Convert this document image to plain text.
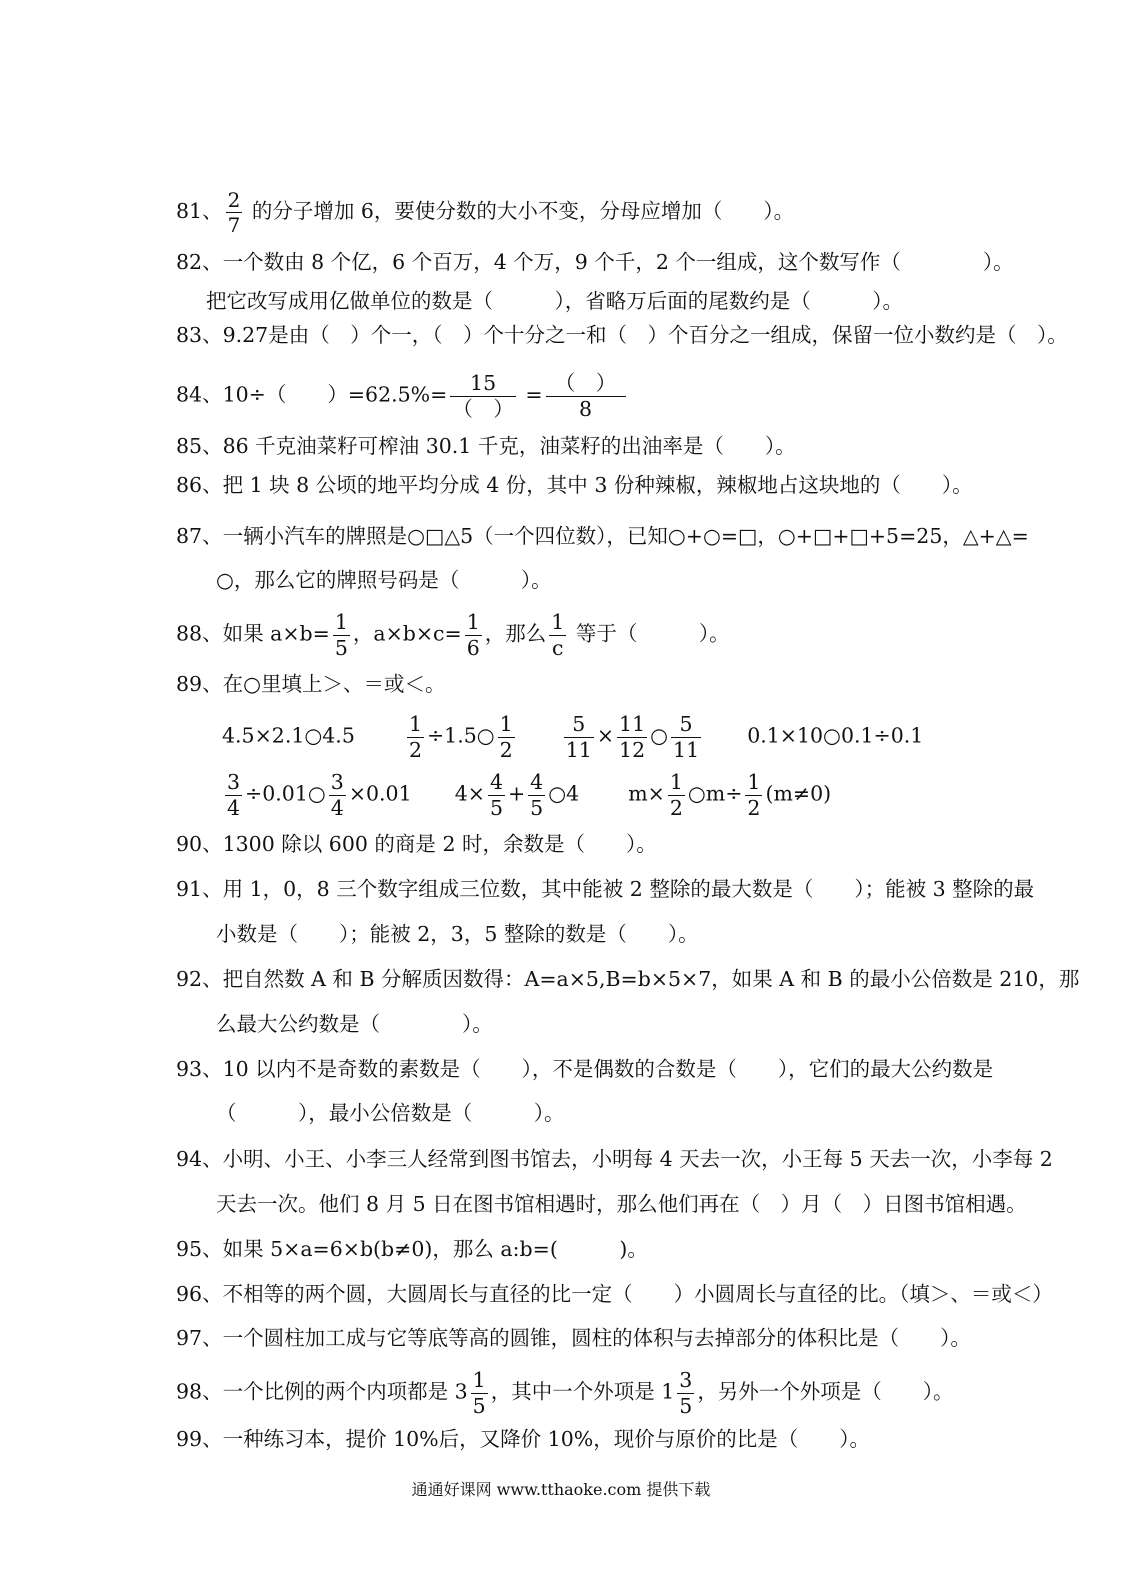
81、 $\frac{2}{7}$ 的分子增加 6，要使分数的大小不变，分母应增加（　　）。
82、一个数由 8 个亿，6 个百万，4 个万，9 个千，2 个一组成，这个数写作（　　　　）。
把它改写成用亿做单位的数是（　　　），省略万后面的尾数约是（　　　）。
83、9.27是由（　）个一，（　）个十分之一和（　）个百分之一组成，保留一位小数约是（　）。
84、10÷（　　）$=62.5\%= \frac{15}{( )} = \frac{( )}{8}$
85、86 千克油菜籽可榨油 30.1 千克，油菜籽的出油率是（　　）。
86、把 1 块 8 公顷的地平均分成 4 份，其中 3 份种辣椒，辣椒地占这块地的（　　）。
87、一辆小汽车的牌照是○□△5（一个四位数），已知○+○=□，○+□+□+5=25，△+△=
○，那么它的牌照号码是（　　　）。
88、如果 $a\times b= \frac{1}{5}$ ，$a\times b\times c= \frac{1}{6}$ ，那么 $\frac{1}{c}$ 等于（　　　）。
89、在○里填上＞、＝或＜。
4.5×2.1○4.5	$\frac{1}{2}$ ÷1.5○ $\frac{1}{2}$
$\frac{5}{11} \times \frac{11}{12}$ ○ $\frac{5}{11}$ 0.1×10○0.1÷0.1
$\frac{3}{4}$ ÷0.01○ $\frac{3}{4} \times 0.01$ $4\times \frac{4}{5} + \frac{4}{5}$ ○4 $m\times \frac{1}{2}$ ○m÷ $\frac{1}{2} (m\ne 0)$
90、1300 除以 600 的商是 2 时，余数是（　　）。
91、用 1，0，8 三个数字组成三位数，其中能被 2 整除的最大数是（　　）；能被 3 整除的最
小数是（　　）；能被 2，3，5 整除的数是（　　）。
92、把自然数 A 和 B 分解质因数得：A=a×5,B=b×5×7，如果 A 和 B 的最小公倍数是 210，那
么最大公约数是（　　　　）。
93、10 以内不是奇数的素数是（　　），不是偶数的合数是（　　），它们的最大公约数是
（　　　），最小公倍数是（　　　）。
94、小明、小王、小李三人经常到图书馆去，小明每 4 天去一次，小王每 5 天去一次，小李每 2
天去一次。他们 8 月 5 日在图书馆相遇时，那么他们再在（　）月（　）日图书馆相遇。
95、如果 5×a=6×b(b≠0)，那么 a:b=(　　　)。
96、不相等的两个圆，大圆周长与直径的比一定（　　）小圆周长与直径的比。（填＞、＝或＜）
97、一个圆柱加工成与它等底等高的圆锥，圆柱的体积与去掉部分的体积比是（　　）。
98、一个比例的两个内项都是 $3 \frac{1}{5}$ ，其中一个外项是 $1 \frac{3}{5}$ ，另外一个外项是（　　）。
99、一种练习本，提价 10%后，又降价 10%，现价与原价的比是（　　）。
通通好课网 www.tthaoke.com 提供下载
